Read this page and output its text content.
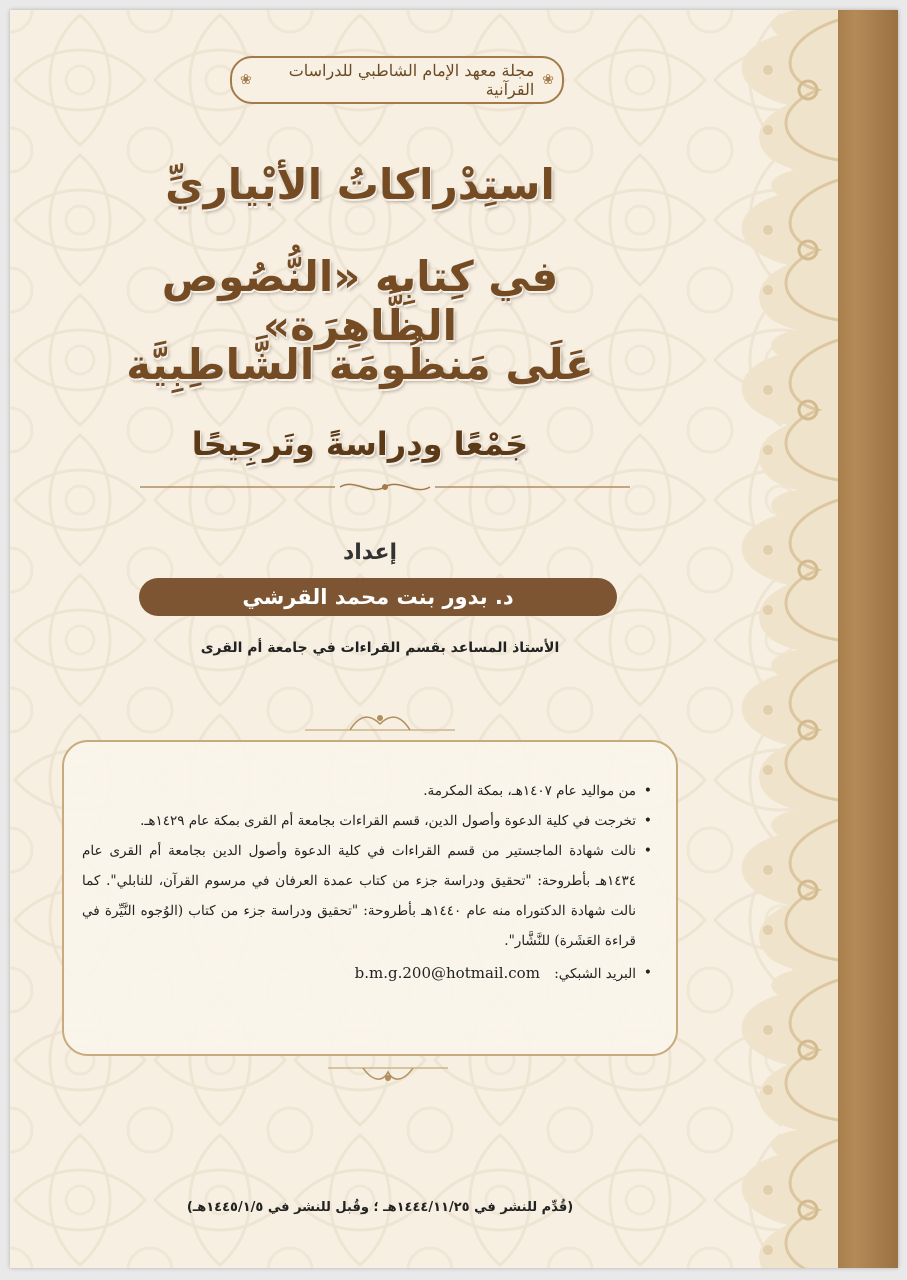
❀
مجلة معهد الإمام الشاطبي للدراسات القرآنية
❀
استِدْراكاتُ الأبْياريِّ
في كِتابِه «النُّصُوص الظَّاهِرَة»
عَلَى مَنظُومَة الشَّاطِبِيَّة
جَمْعًا ودِراسةً وتَرجِيحًا
إعداد
د. بدور بنت محمد القرشي
الأستاذ المساعد بقسم القراءات في جامعة أم القرى
• من مواليد عام ١٤٠٧هـ، بمكة المكرمة.
• تخرجت في كلية الدعوة وأصول الدين، قسم القراءات بجامعة أم القرى بمكة عام ١٤٢٩هـ.
• نالت شهادة الماجستير من قسم القراءات في كلية الدعوة وأصول الدين بجامعة أم القرى عام ١٤٣٤هـ بأطروحة: "تحقيق ودراسة جزء من كتاب عمدة العرفان في مرسوم القرآن، للنابلي". كما نالت شهادة الدكتوراه منه عام ١٤٤٠هـ بأطروحة: "تحقيق ودراسة جزء من كتاب (الوُجوه النَّيِّرة في قراءة العَشَرة) للنَّشَّار".
• البريد الشبكي: b.m.g.200@hotmail.com
(قُدِّم للنشر في ١٤٤٤/١١/٢٥هـ ؛ وقُبل للنشر في ١٤٤٥/١/٥هـ)
